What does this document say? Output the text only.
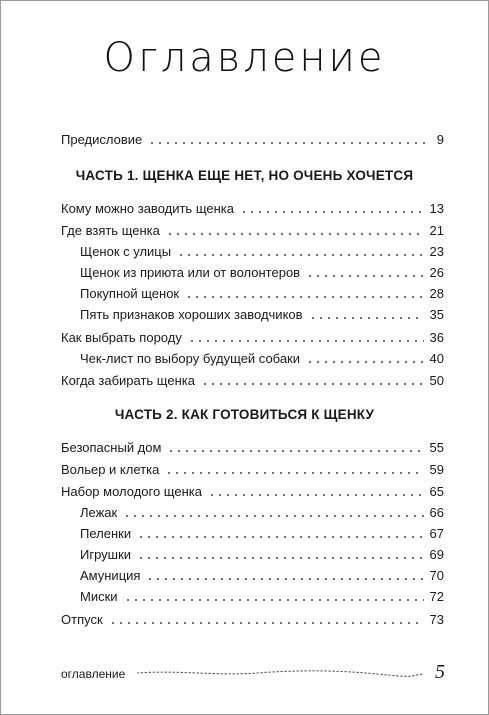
Оглавление
Предисловие	9
ЧАСТЬ 1. ЩЕНКА ЕЩЕ НЕТ, НО ОЧЕНЬ ХОЧЕТСЯ
Кому можно заводить щенка	13
Где взять щенка	21
Щенок с улицы	23
Щенок из приюта или от волонтеров	26
Покупной щенок	28
Пять признаков хороших заводчиков	35
Как выбрать породу	36
Чек-лист по выбору будущей собаки	40
Когда забирать щенка	50
ЧАСТЬ 2. КАК ГОТОВИТЬСЯ К ЩЕНКУ
Безопасный дом	55
Вольер и клетка	59
Набор молодого щенка	65
Лежак	66
Пеленки	67
Игрушки	69
Амуниция	70
Миски	72
Отпуск	73
оглавление	5
